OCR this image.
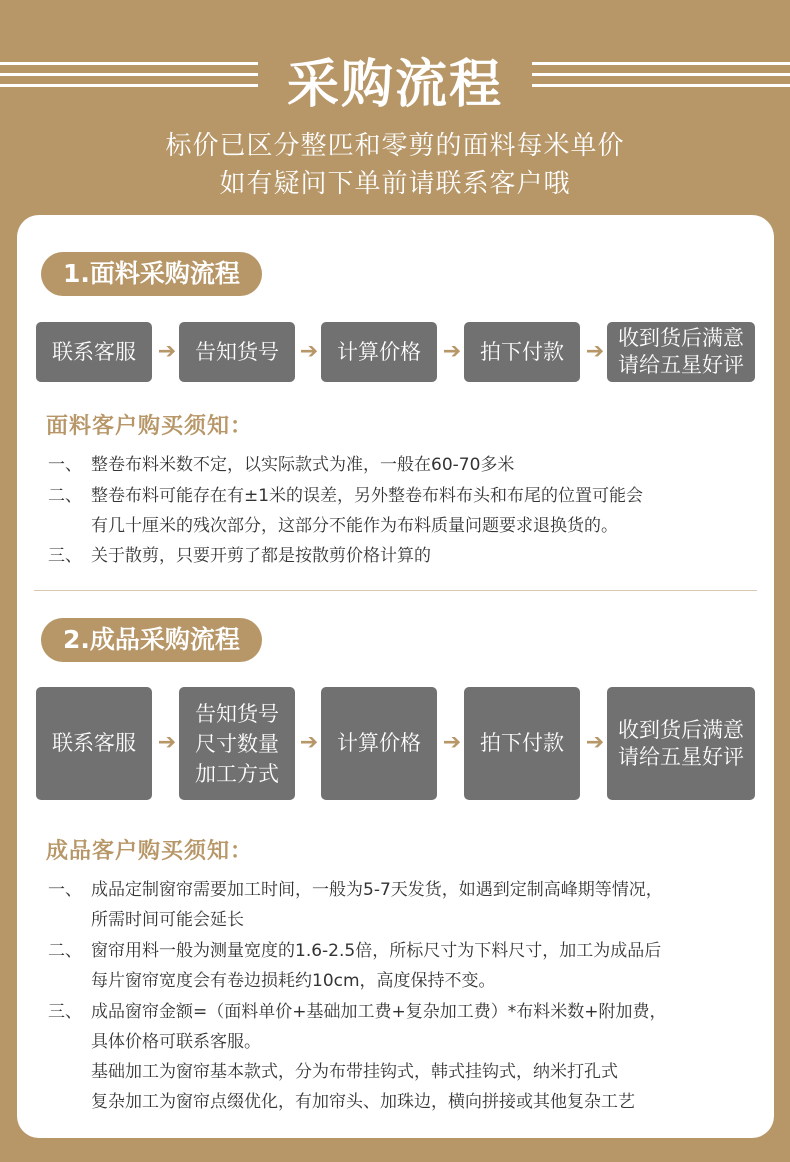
采购流程
标价已区分整匹和零剪的面料每米单价
如有疑问下单前请联系客户哦
1.面料采购流程
联系客服 ➔ 告知货号 ➔ 计算价格 ➔ 拍下付款 ➔
收到货后满意
请给五星好评
面料客户购买须知：
一、 整卷布料米数不定，以实际款式为准，一般在60-70多米
二、 整卷布料可能存在有±1米的误差，另外整卷布料布头和布尾的位置可能会
有几十厘米的残次部分，这部分不能作为布料质量问题要求退换货的。
三、 关于散剪，只要开剪了都是按散剪价格计算的
2.成品采购流程
联系客服 ➔
告知货号
尺寸数量
加工方式
➔ 计算价格 ➔ 拍下付款 ➔
收到货后满意
请给五星好评
成品客户购买须知：
一、 成品定制窗帘需要加工时间，一般为5-7天发货，如遇到定制高峰期等情况，
所需时间可能会延长
二、 窗帘用料一般为测量宽度的1.6-2.5倍，所标尺寸为下料尺寸，加工为成品后
每片窗帘宽度会有卷边损耗约10cm，高度保持不变。
三、 成品窗帘金额=（面料单价+基础加工费+复杂加工费）*布料米数+附加费，
具体价格可联系客服。
基础加工为窗帘基本款式，分为布带挂钩式，韩式挂钩式，纳米打孔式
复杂加工为窗帘点缀优化，有加帘头、加珠边，横向拼接或其他复杂工艺
